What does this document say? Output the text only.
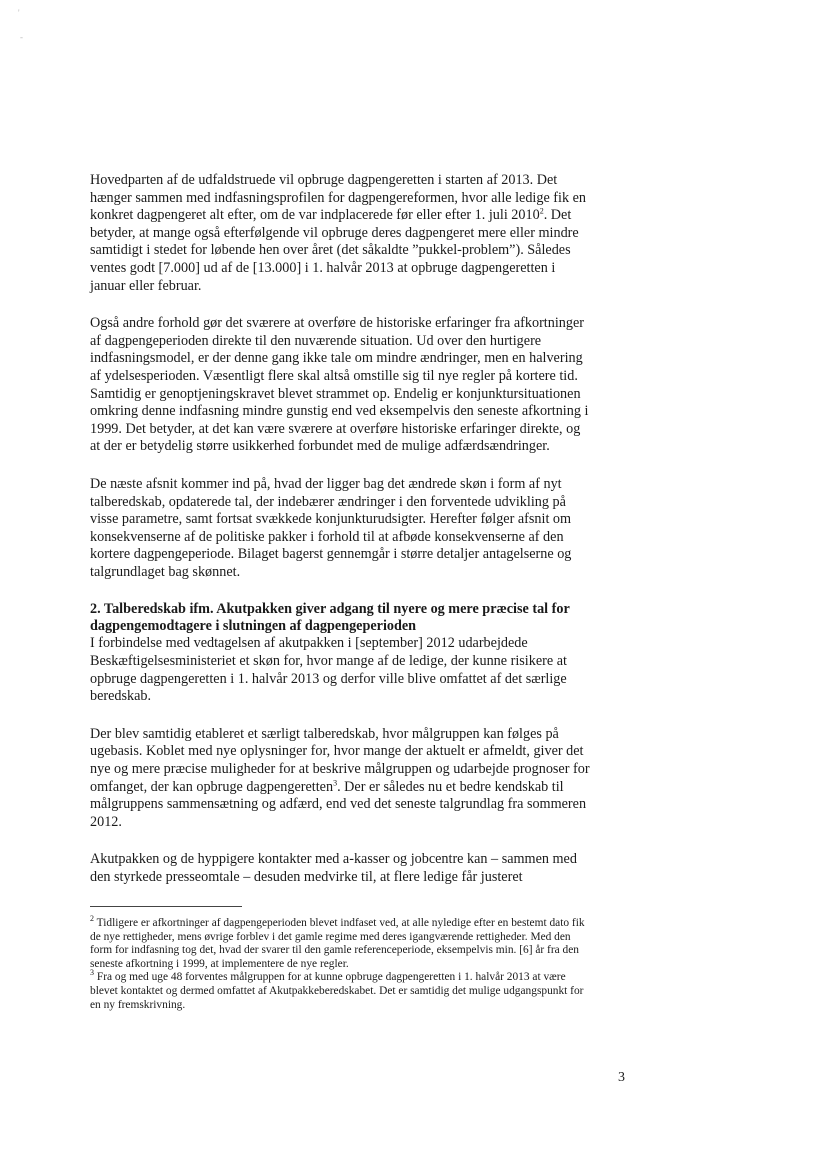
'
-

Hovedparten af de udfaldstruede vil opbruge dagpengeretten i starten af 2013. Det hænger sammen med indfasningsprofilen for dagpengereformen, hvor alle ledige fik en konkret dagpengeret alt efter, om de var indplacerede før eller efter 1. juli 2010$^2$. Det betyder, at mange også efterfølgende vil opbruge deres dagpengeret mere eller mindre samtidigt i stedet for løbende hen over året (det såkaldte ”pukkel-problem”). Således ventes godt [7.000] ud af de [13.000] i 1. halvår 2013 at opbruge dagpengeretten i januar eller februar.

Også andre forhold gør det sværere at overføre de historiske erfaringer fra afkortninger af dagpengeperioden direkte til den nuværende situation. Ud over den hurtigere indfasningsmodel, er der denne gang ikke tale om mindre ændringer, men en halvering af ydelsesperioden. Væsentligt flere skal altså omstille sig til nye regler på kortere tid. Samtidig er genoptjeningskravet blevet strammet op. Endelig er konjunktursituationen omkring denne indfasning mindre gunstig end ved eksempelvis den seneste afkortning i 1999. Det betyder, at det kan være sværere at overføre historiske erfaringer direkte, og at der er betydelig større usikkerhed forbundet med de mulige adfærdsændringer.

De næste afsnit kommer ind på, hvad der ligger bag det ændrede skøn i form af nyt talberedskab, opdaterede tal, der indebærer ændringer i den forventede udvikling på visse parametre, samt fortsat svækkede konjunkturudsigter. Herefter følger afsnit om konsekvenserne af de politiske pakker i forhold til at afbøde konsekvenserne af den kortere dagpengeperiode. Bilaget bagerst gennemgår i større detaljer antagelserne og talgrundlaget bag skønnet.

2. Talberedskab ifm. Akutpakken giver adgang til nyere og mere præcise tal for dagpengemodtagere i slutningen af dagpengeperioden

I forbindelse med vedtagelsen af akutpakken i [september] 2012 udarbejdede Beskæftigelsesministeriet et skøn for, hvor mange af de ledige, der kunne risikere at opbruge dagpengeretten i 1. halvår 2013 og derfor ville blive omfattet af det særlige beredskab.

Der blev samtidig etableret et særligt talberedskab, hvor målgruppen kan følges på ugebasis. Koblet med nye oplysninger for, hvor mange der aktuelt er afmeldt, giver det nye og mere præcise muligheder for at beskrive målgruppen og udarbejde prognoser for omfanget, der kan opbruge dagpengeretten$^3$. Der er således nu et bedre kendskab til målgruppens sammensætning og adfærd, end ved det seneste talgrundlag fra sommeren 2012.

Akutpakken og de hyppigere kontakter med a-kasser og jobcentre kan – sammen med den styrkede presseomtale – desuden medvirke til, at flere ledige får justeret

$^2$ Tidligere er afkortninger af dagpengeperioden blevet indfaset ved, at alle nyledige efter en bestemt dato fik de nye rettigheder, mens øvrige forblev i det gamle regime med deres igangværende rettigheder. Med den form for indfasning tog det, hvad der svarer til den gamle referenceperiode, eksempelvis min. [6] år fra den seneste afkortning i 1999, at implementere de nye regler.

$^3$ Fra og med uge 48 forventes målgruppen for at kunne opbruge dagpengeretten i 1. halvår 2013 at være blevet kontaktet og dermed omfattet af Akutpakkeberedskabet. Det er samtidig det mulige udgangspunkt for en ny fremskrivning.

3
